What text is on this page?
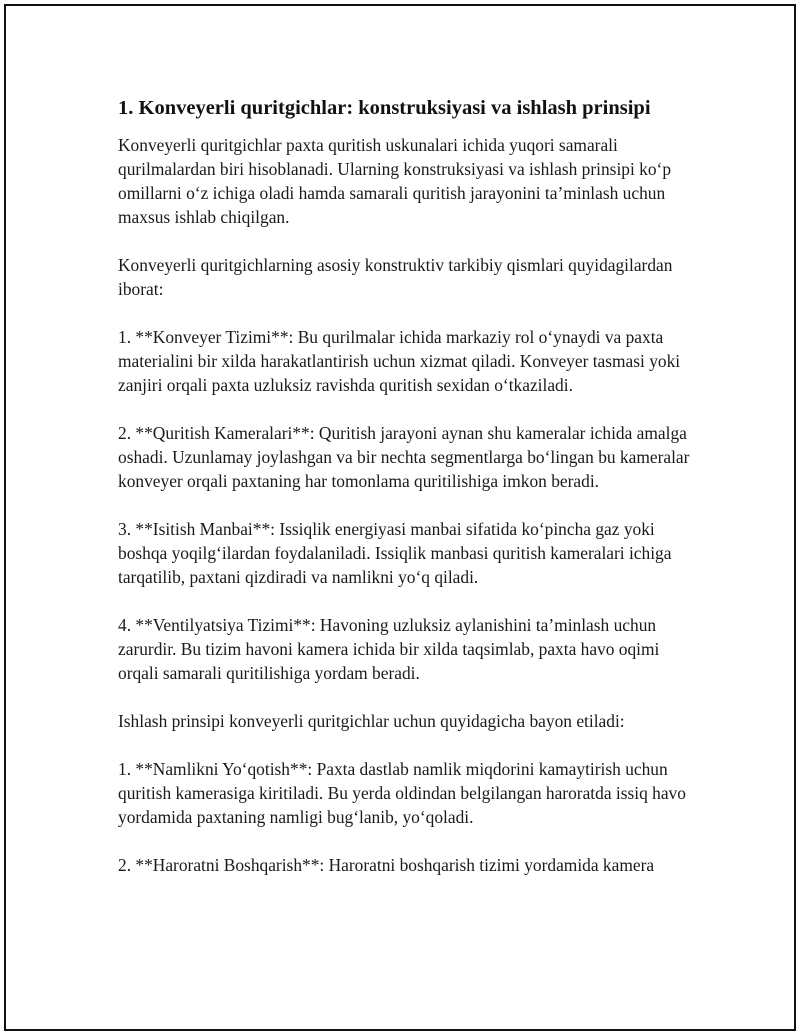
1. Konveyerli quritgichlar: konstruksiyasi va ishlash prinsipi

Konveyerli quritgichlar paxta quritish uskunalari ichida yuqori samarali qurilmalardan biri hisoblanadi. Ularning konstruksiyasi va ishlash prinsipi ko‘p omillarni o‘z ichiga oladi hamda samarali quritish jarayonini ta’minlash uchun maxsus ishlab chiqilgan.

Konveyerli quritgichlarning asosiy konstruktiv tarkibiy qismlari quyidagilardan iborat:

1. **Konveyer Tizimi**: Bu qurilmalar ichida markaziy rol o‘ynaydi va paxta materialini bir xilda harakatlantirish uchun xizmat qiladi. Konveyer tasmasi yoki zanjiri orqali paxta uzluksiz ravishda quritish sexidan o‘tkaziladi.

2. **Quritish Kameralari**: Quritish jarayoni aynan shu kameralar ichida amalga oshadi. Uzunlamay joylashgan va bir nechta segmentlarga bo‘lingan bu kameralar konveyer orqali paxtaning har tomonlama quritilishiga imkon beradi.

3. **Isitish Manbai**: Issiqlik energiyasi manbai sifatida ko‘pincha gaz yoki boshqa yoqilg‘ilardan foydalaniladi. Issiqlik manbasi quritish kameralari ichiga tarqatilib, paxtani qizdiradi va namlikni yo‘q qiladi.

4. **Ventilyatsiya Tizimi**: Havoning uzluksiz aylanishini ta’minlash uchun zarurdir. Bu tizim havoni kamera ichida bir xilda taqsimlab, paxta havo oqimi orqali samarali quritilishiga yordam beradi.

Ishlash prinsipi konveyerli quritgichlar uchun quyidagicha bayon etiladi:

1. **Namlikni Yo‘qotish**: Paxta dastlab namlik miqdorini kamaytirish uchun quritish kamerasiga kiritiladi. Bu yerda oldindan belgilangan haroratda issiq havo yordamida paxtaning namligi bug‘lanib, yo‘qoladi.

2. **Haroratni Boshqarish**: Haroratni boshqarish tizimi yordamida kamera
